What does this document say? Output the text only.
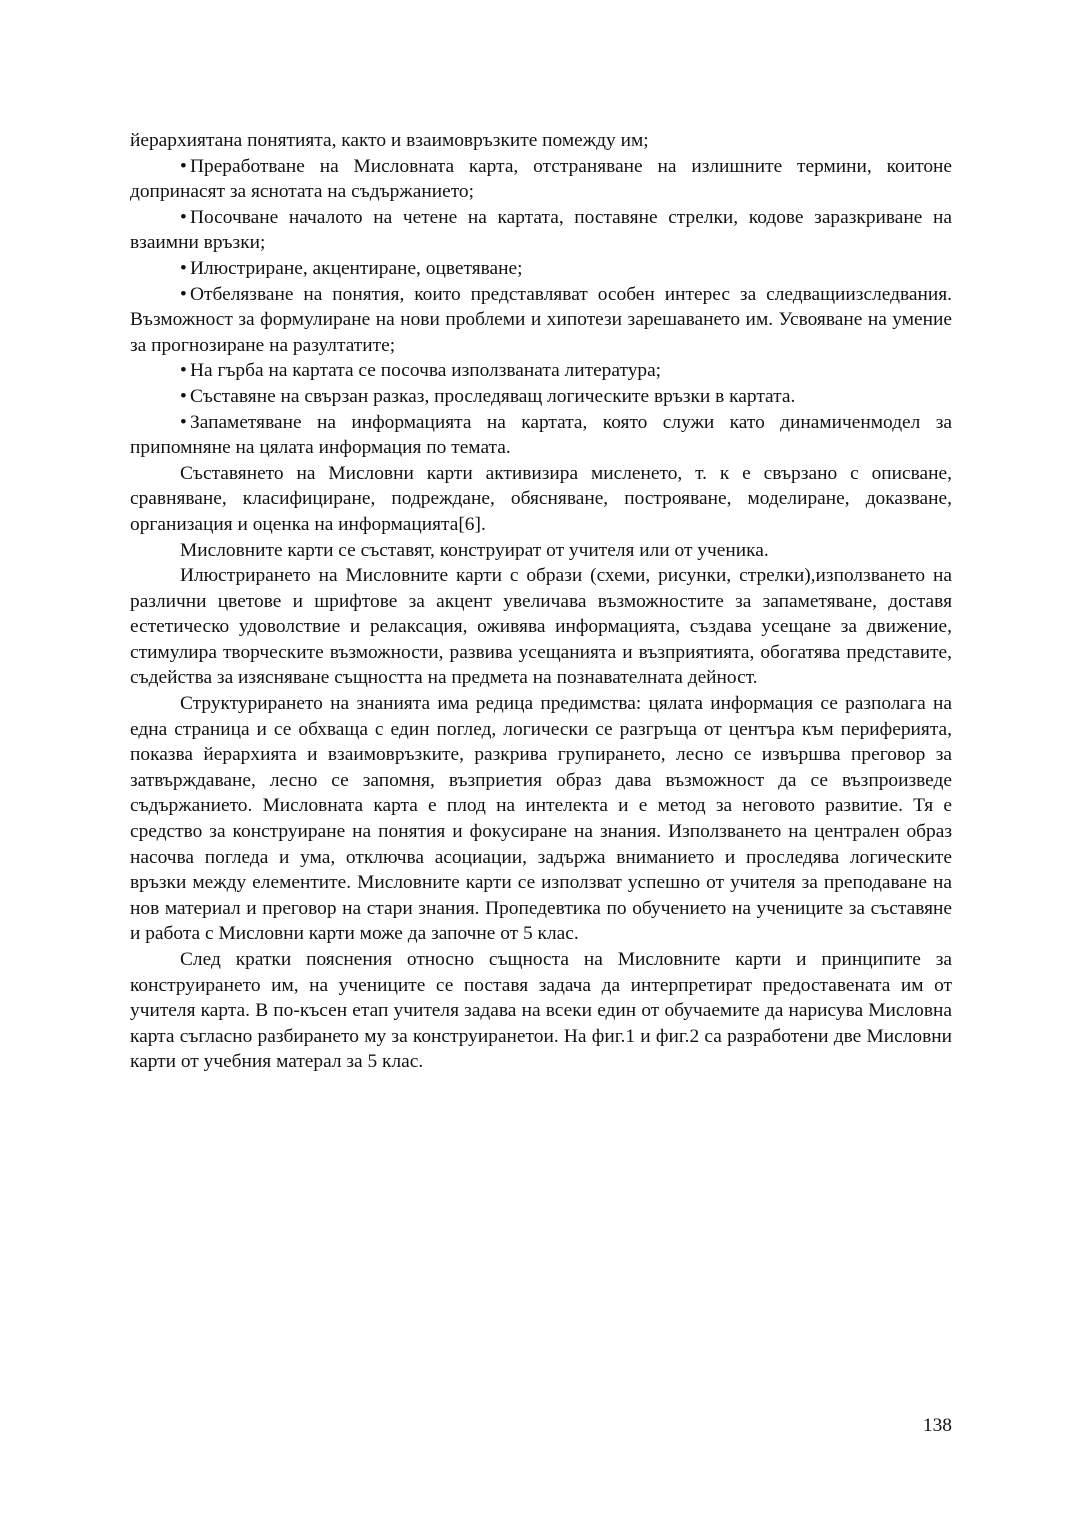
йерархиятана понятията, както и взаимовръзките помежду им;

• Преработване на Мисловната карта, отстраняване на излишните термини, коитоне допринасят за яснотата на съдържанието;

• Посочване началото на четене на картата, поставяне стрелки, кодове заразкриване на взаимни връзки;

• Илюстриране, акцентиране, оцветяване;

• Отбелязване на понятия, които представляват особен интерес за следващиизследвания. Възможност за формулиране на нови проблеми и хипотези зарешаването им. Усвояване на умение за прогнозиране на разултатите;

• На гърба на картата се посочва използваната литература;

• Съставяне на свързан разказ, проследяващ логическите връзки в картата.

• Запаметяване на информацията на картата, която служи като динамиченмодел за припомняне на цялата информация по темата.

Съставянето на Мисловни карти активизира мисленето, т. к е свързано с описване, сравняване, класифициране, подреждане, обясняване, построяване, моделиране, доказване, организация и оценка на информацията[6].

Мисловните карти се съставят, конструират от учителя или от ученика.

Илюстрирането на Мисловните карти с образи (схеми, рисунки, стрелки),използването на различни цветове и шрифтове за акцент увеличава възможностите за запаметяване, доставя естетическо удоволствие и релаксация, оживява информацията, създава усещане за движение, стимулира творческите възможности, развива усещанията и възприятията, обогатява представите, съдейства за изясняване същността на предмета на познавателната дейност.

Структурирането на знанията има редица предимства: цялата информация се разполага на една страница и се обхваща с един поглед, логически се разгръща от центъра към периферията, показва йерархията и взаимовръзките, разкрива групирането, лесно се извършва преговор за затвърждаване, лесно се запомня, възприетия образ дава възможност да се възпроизведе съдържанието. Мисловната карта е плод на интелекта и е метод за неговото развитие. Тя е средство за конструиране на понятия и фокусиране на знания. Използването на централен образ насочва погледа и ума, отключва асоциации, задържа вниманието и проследява логическите връзки между елементите. Мисловните карти се използват успешно от учителя за преподаване на нов материал и преговор на стари знания. Пропедевтика по обучението на учениците за съставяне и работа с Мисловни карти може да започне от 5 клас.

След кратки пояснения относно същноста на Мисловните карти и принципите за конструирането им, на учениците се поставя задача да интерпретират предоставената им от учителя карта. В по-късен етап учителя задава на всеки един от обучаемите да нарисува Мисловна карта съгласно разбирането му за конструиранетои. На фиг.1 и фиг.2 са разработени две Мисловни карти от учебния матерал за 5 клас.

138
